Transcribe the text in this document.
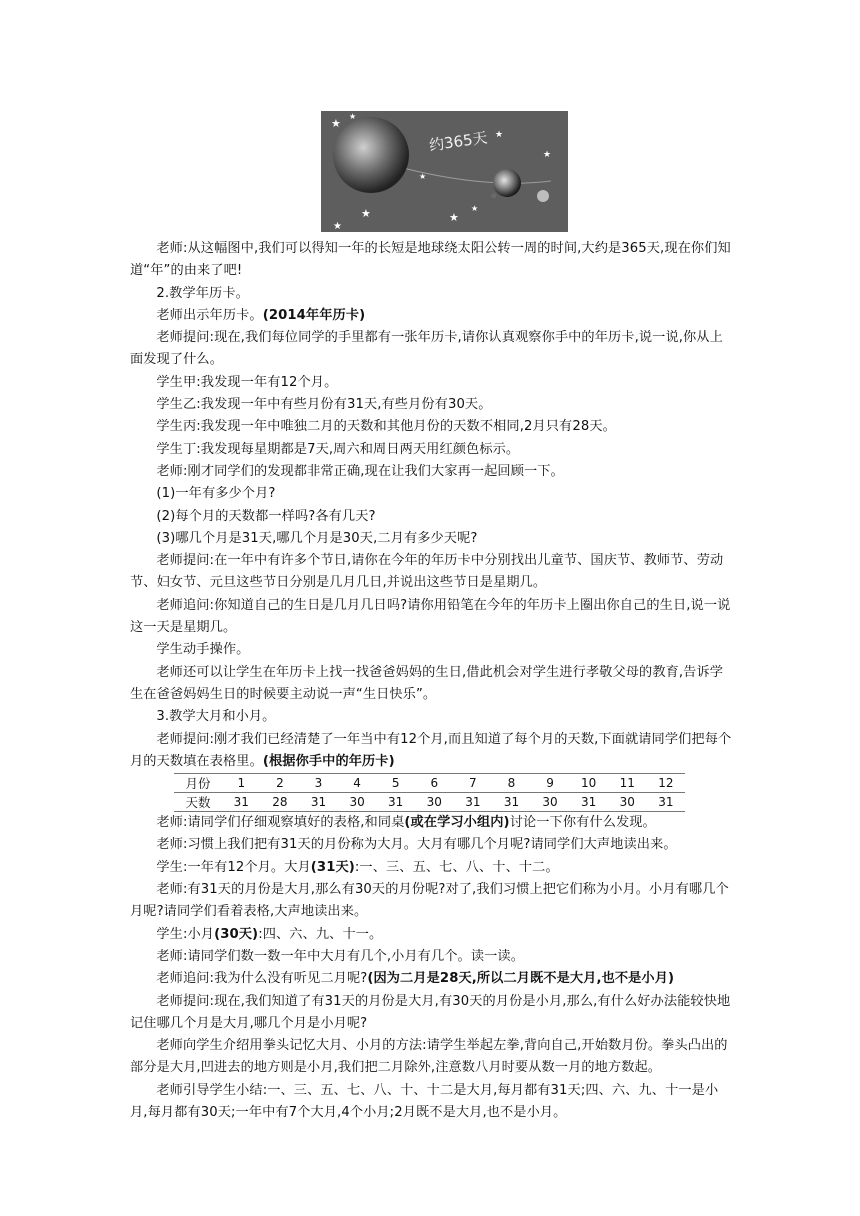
约365天
★
★
★
★
★
★
★
★
★

老师:从这幅图中,我们可以得知一年的长短是地球绕太阳公转一周的时间,大约是365天,现在你们知道“年”的由来了吧!

2.教学年历卡。

老师出示年历卡。(2014年年历卡)

老师提问:现在,我们每位同学的手里都有一张年历卡,请你认真观察你手中的年历卡,说一说,你从上面发现了什么。

学生甲:我发现一年有12个月。

学生乙:我发现一年中有些月份有31天,有些月份有30天。

学生丙:我发现一年中唯独二月的天数和其他月份的天数不相同,2月只有28天。

学生丁:我发现每星期都是7天,周六和周日两天用红颜色标示。

老师:刚才同学们的发现都非常正确,现在让我们大家再一起回顾一下。

(1)一年有多少个月?

(2)每个月的天数都一样吗?各有几天?

(3)哪几个月是31天,哪几个月是30天,二月有多少天呢?

老师提问:在一年中有许多个节日,请你在今年的年历卡中分别找出儿童节、国庆节、教师节、劳动节、妇女节、元旦这些节日分别是几月几日,并说出这些节日是星期几。

老师追问:你知道自己的生日是几月几日吗?请你用铅笔在今年的年历卡上圈出你自己的生日,说一说这一天是星期几。

学生动手操作。

老师还可以让学生在年历卡上找一找爸爸妈妈的生日,借此机会对学生进行孝敬父母的教育,告诉学生在爸爸妈妈生日的时候要主动说一声“生日快乐”。

3.教学大月和小月。

老师提问:刚才我们已经清楚了一年当中有12个月,而且知道了每个月的天数,下面就请同学们把每个月的天数填在表格里。(根据你手中的年历卡)

月份	1	2	3	4	5	6	7	8	9	10	11	12
天数	31	28	31	30	31	30	31	31	30	31	30	31

老师:请同学们仔细观察填好的表格,和同桌(或在学习小组内)讨论一下你有什么发现。

老师:习惯上我们把有31天的月份称为大月。大月有哪几个月呢?请同学们大声地读出来。

学生:一年有12个月。大月(31天):一、三、五、七、八、十、十二。

老师:有31天的月份是大月,那么有30天的月份呢?对了,我们习惯上把它们称为小月。小月有哪几个月呢?请同学们看着表格,大声地读出来。

学生:小月(30天):四、六、九、十一。

老师:请同学们数一数一年中大月有几个,小月有几个。读一读。

老师追问:我为什么没有听见二月呢?(因为二月是28天,所以二月既不是大月,也不是小月)

老师提问:现在,我们知道了有31天的月份是大月,有30天的月份是小月,那么,有什么好办法能较快地记住哪几个月是大月,哪几个月是小月呢?

老师向学生介绍用拳头记忆大月、小月的方法:请学生举起左拳,背向自己,开始数月份。拳头凸出的部分是大月,凹进去的地方则是小月,我们把二月除外,注意数八月时要从数一月的地方数起。

老师引导学生小结:一、三、五、七、八、十、十二是大月,每月都有31天;四、六、九、十一是小月,每月都有30天;一年中有7个大月,4个小月;2月既不是大月,也不是小月。
